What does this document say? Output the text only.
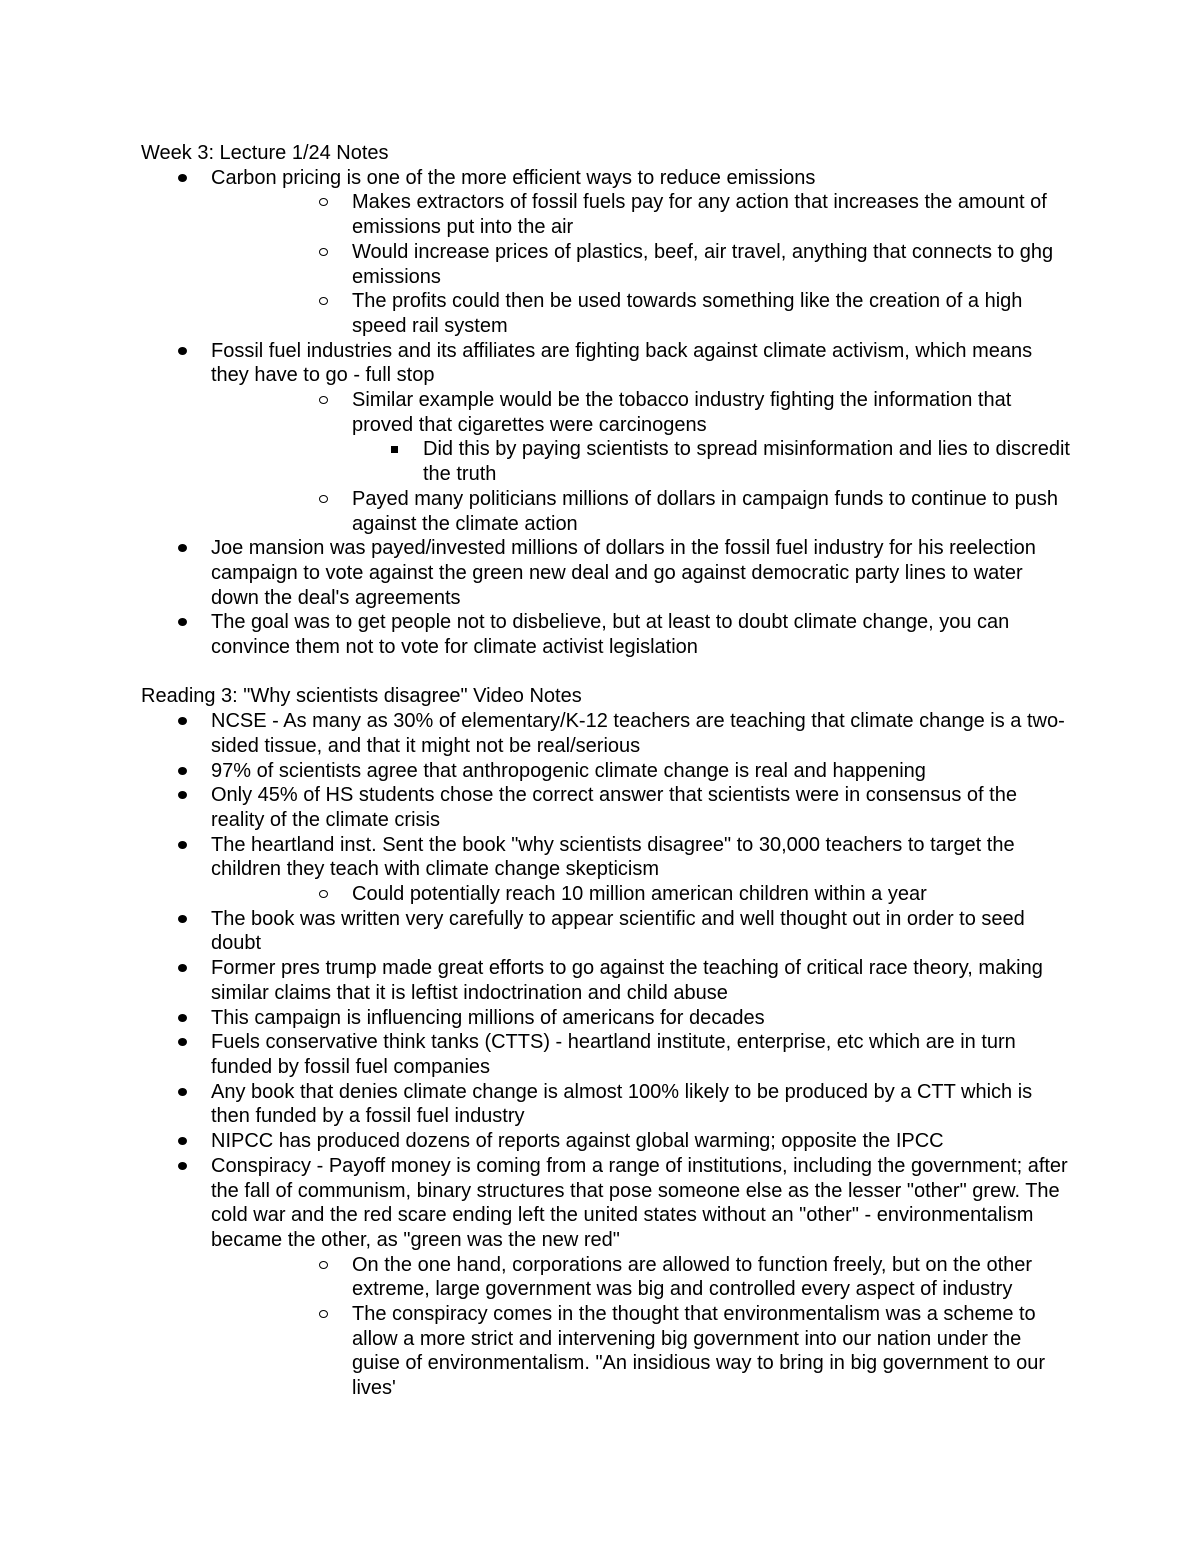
Week 3: Lecture 1/24 Notes

Carbon pricing is one of the more efficient ways to reduce emissions
Makes extractors of fossil fuels pay for any action that increases the amount of emissions put into the air
Would increase prices of plastics, beef, air travel, anything that connects to ghg emissions
The profits could then be used towards something like the creation of a high speed rail system
Fossil fuel industries and its affiliates are fighting back against climate activism, which means they have to go - full stop
Similar example would be the tobacco industry fighting the information that proved that cigarettes were carcinogens
Did this by paying scientists to spread misinformation and lies to discredit the truth
Payed many politicians millions of dollars in campaign funds to continue to push against the climate action
Joe mansion was payed/invested millions of dollars in the fossil fuel industry for his reelection campaign to vote against the green new deal and go against democratic party lines to water down the deal's agreements
The goal was to get people not to disbelieve, but at least to doubt climate change, you can convince them not to vote for climate activist legislation

Reading 3: "Why scientists disagree" Video Notes

NCSE - As many as 30% of elementary/K-12 teachers are teaching that climate change is a two-sided tissue, and that it might not be real/serious
97% of scientists agree that anthropogenic climate change is real and happening
Only 45% of HS students chose the correct answer that scientists were in consensus of the reality of the climate crisis
The heartland inst. Sent the book "why scientists disagree" to 30,000 teachers to target the children they teach with climate change skepticism
Could potentially reach 10 million american children within a year
The book was written very carefully to appear scientific and well thought out in order to seed doubt
Former pres trump made great efforts to go against the teaching of critical race theory, making similar claims that it is leftist indoctrination and child abuse
This campaign is influencing millions of americans for decades
Fuels conservative think tanks (CTTS) - heartland institute, enterprise, etc which are in turn funded by fossil fuel companies
Any book that denies climate change is almost 100% likely to be produced by a CTT which is then funded by a fossil fuel industry
NIPCC has produced dozens of reports against global warming; opposite the IPCC
Conspiracy - Payoff money is coming from a range of institutions, including the government; after the fall of communism, binary structures that pose someone else as the lesser "other" grew. The cold war and the red scare ending left the united states without an "other" - environmentalism became the other, as "green was the new red"
On the one hand, corporations are allowed to function freely, but on the other extreme, large government was big and controlled every aspect of industry
The conspiracy comes in the thought that environmentalism was a scheme to allow a more strict and intervening big government into our nation under the guise of environmentalism. "An insidious way to bring in big government to our lives'
